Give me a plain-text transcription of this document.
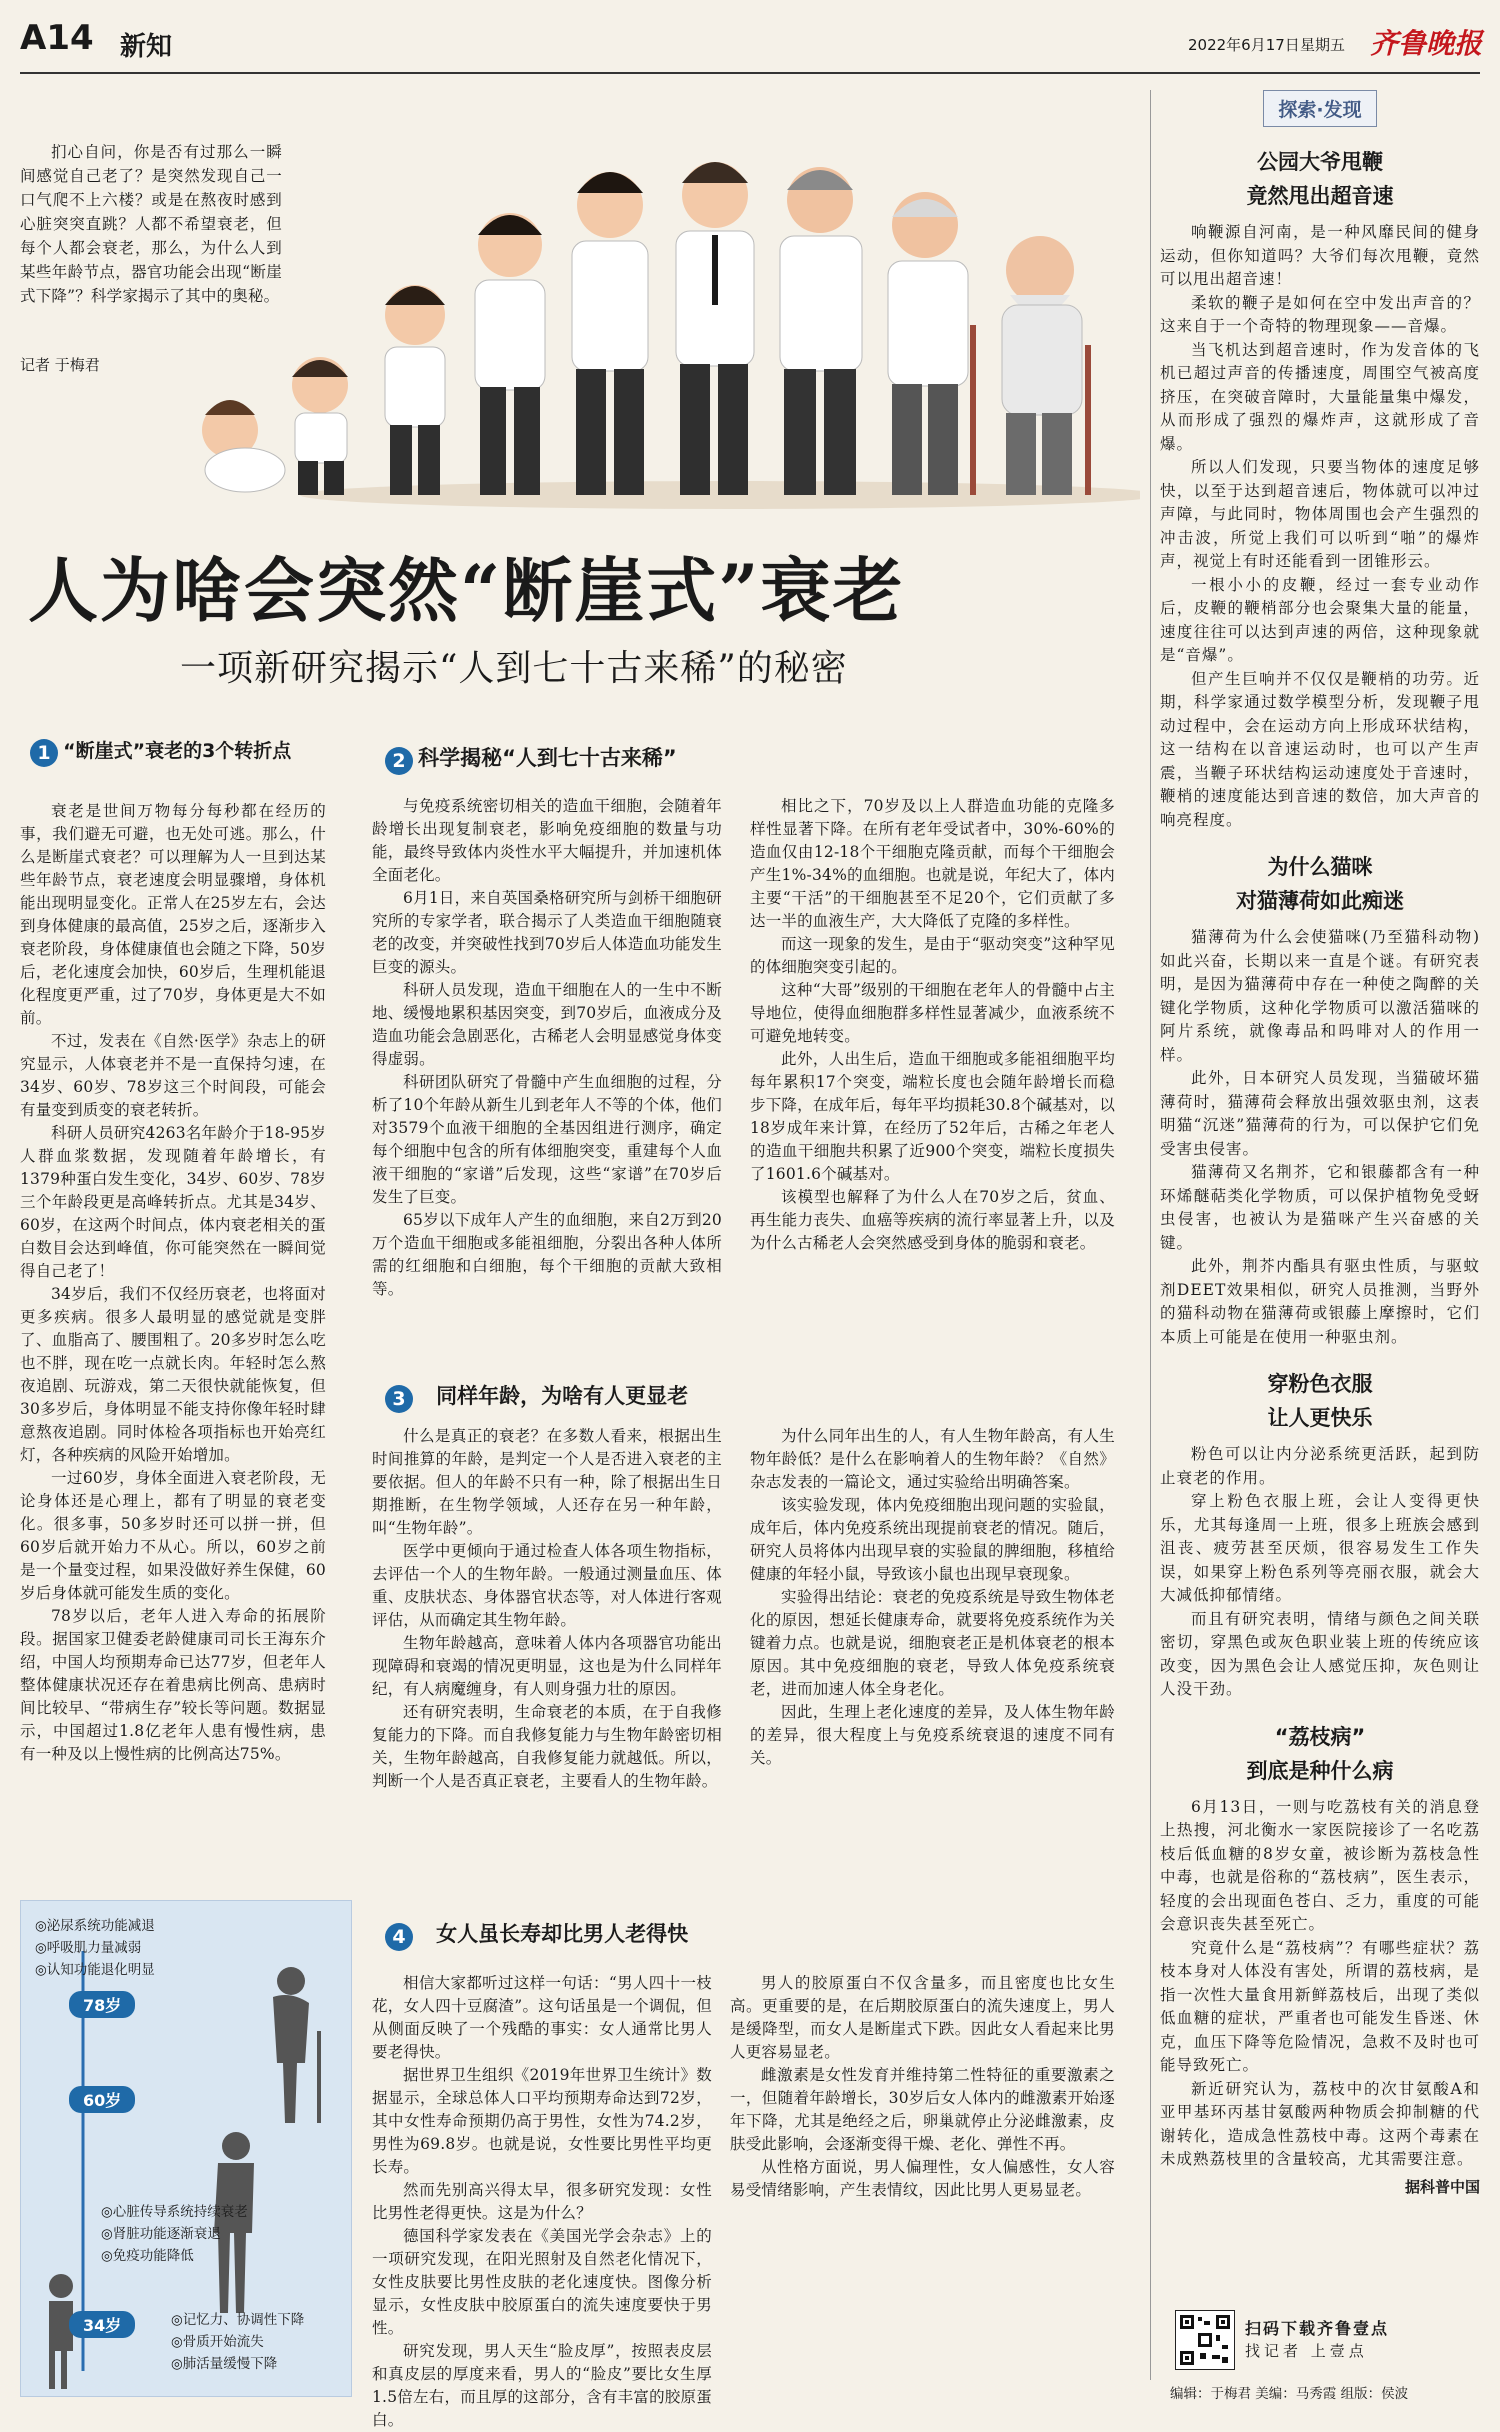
A14 新知	2022年6月17日 星期五 齐鲁晚报

扪心自问，你是否有过那么一瞬间感觉自己老了？是突然发现自己一口气爬不上六楼？或是在熬夜时感到心脏突突直跳？人都不希望衰老，但每个人都会衰老，那么，为什么人到某些年龄节点，器官功能会出现“断崖式下降”？科学家揭示了其中的奥秘。

记者 于梅君
人为啥会突然“断崖式”衰老
一项新研究揭示“人到七十古来稀”的秘密
1 “断崖式”衰老的3个转折点

衰老是世间万物每分每秒都在经历的事，我们避无可避，也无处可逃。那么，什么是断崖式衰老？可以理解为人一旦到达某些年龄节点，衰老速度会明显骤增，身体机能出现明显变化。正常人在25岁左右，会达到身体健康的最高值，25岁之后，逐渐步入衰老阶段，身体健康值也会随之下降，50岁后，老化速度会加快，60岁后，生理机能退化程度更严重，过了70岁，身体更是大不如前。

不过，发表在《自然·医学》杂志上的研究显示，人体衰老并不是一直保持匀速，在34岁、60岁、78岁这三个时间段，可能会有量变到质变的衰老转折。

科研人员研究4263名年龄介于18-95岁人群血浆数据，发现随着年龄增长，有1379种蛋白发生变化，34岁、60岁、78岁三个年龄段更是高峰转折点。尤其是34岁、60岁，在这两个时间点，体内衰老相关的蛋白数目会达到峰值，你可能突然在一瞬间觉得自己老了！

34岁后，我们不仅经历衰老，也将面对更多疾病。很多人最明显的感觉就是变胖了、血脂高了、腰围粗了。20多岁时怎么吃也不胖，现在吃一点就长肉。年轻时怎么熬夜追剧、玩游戏，第二天很快就能恢复，但30多岁后，身体明显不能支持你像年轻时肆意熬夜追剧。同时体检各项指标也开始亮红灯，各种疾病的风险开始增加。

一过60岁，身体全面进入衰老阶段，无论身体还是心理上，都有了明显的衰老变化。很多事，50多岁时还可以拼一拼，但60岁后就开始力不从心。所以，60岁之前是一个量变过程，如果没做好养生保健，60岁后身体就可能发生质的变化。

78岁以后，老年人进入寿命的拓展阶段。据国家卫健委老龄健康司司长王海东介绍，中国人均预期寿命已达77岁，但老年人整体健康状况还存在着患病比例高、患病时间比较早、“带病生存”较长等问题。数据显示，中国超过1.8亿老年人患有慢性病，患有一种及以上慢性病的比例高达75%。

2 科学揭秘“人到七十古来稀”

与免疫系统密切相关的造血干细胞，会随着年龄增长出现复制衰老，影响免疫细胞的数量与功能，最终导致体内炎性水平大幅提升，并加速机体全面老化。

6月1日，来自英国桑格研究所与剑桥干细胞研究所的专家学者，联合揭示了人类造血干细胞随衰老的改变，并突破性找到70岁后人体造血功能发生巨变的源头。

科研人员发现，造血干细胞在人的一生中不断地、缓慢地累积基因突变，到70岁后，血液成分及造血功能会急剧恶化，古稀老人会明显感觉身体变得虚弱。

科研团队研究了骨髓中产生血细胞的过程，分析了10个年龄从新生儿到老年人不等的个体，他们对3579个血液干细胞的全基因组进行测序，确定每个细胞中包含的所有体细胞突变，重建每个人血液干细胞的“家谱”后发现，这些“家谱”在70岁后发生了巨变。

65岁以下成年人产生的血细胞，来自2万到20万个造血干细胞或多能祖细胞，分裂出各种人体所需的红细胞和白细胞，每个干细胞的贡献大致相等。

相比之下，70岁及以上人群造血功能的克隆多样性显著下降。在所有老年受试者中，30%-60%的造血仅由12-18个干细胞克隆贡献，而每个干细胞会产生1%-34%的血细胞。也就是说，年纪大了，体内主要“干活”的干细胞甚至不足20个，它们贡献了多达一半的血液生产，大大降低了克隆的多样性。

而这一现象的发生，是由于“驱动突变”这种罕见的体细胞突变引起的。

这种“大哥”级别的干细胞在老年人的骨髓中占主导地位，使得血细胞群多样性显著减少，血液系统不可避免地转变。

此外，人出生后，造血干细胞或多能祖细胞平均每年累积17个突变，端粒长度也会随年龄增长而稳步下降，在成年后，每年平均损耗30.8个碱基对，以18岁成年来计算，在经历了52年后，古稀之年老人的造血干细胞共积累了近900个突变，端粒长度损失了1601.6个碱基对。

该模型也解释了为什么人在70岁之后，贫血、再生能力丧失、血癌等疾病的流行率显著上升，以及为什么古稀老人会突然感受到身体的脆弱和衰老。

3 同样年龄，为啥有人更显老

什么是真正的衰老？在多数人看来，根据出生时间推算的年龄，是判定一个人是否进入衰老的主要依据。但人的年龄不只有一种，除了根据出生日期推断，在生物学领域，人还存在另一种年龄，叫“生物年龄”。

医学中更倾向于通过检查人体各项生物指标，去评估一个人的生物年龄。一般通过测量血压、体重、皮肤状态、身体器官状态等，对人体进行客观评估，从而确定其生物年龄。

生物年龄越高，意味着人体内各项器官功能出现障碍和衰竭的情况更明显，这也是为什么同样年纪，有人病魔缠身，有人则身强力壮的原因。

还有研究表明，生命衰老的本质，在于自我修复能力的下降。而自我修复能力与生物年龄密切相关，生物年龄越高，自我修复能力就越低。所以，判断一个人是否真正衰老，主要看人的生物年龄。

为什么同年出生的人，有人生物年龄高，有人生物年龄低？是什么在影响着人的生物年龄？《自然》杂志发表的一篇论文，通过实验给出明确答案。

该实验发现，体内免疫细胞出现问题的实验鼠，成年后，体内免疫系统出现提前衰老的情况。随后，研究人员将体内出现早衰的实验鼠的脾细胞，移植给健康的年轻小鼠，导致该小鼠也出现早衰现象。

实验得出结论：衰老的免疫系统是导致生物体老化的原因，想延长健康寿命，就要将免疫系统作为关键着力点。也就是说，细胞衰老正是机体衰老的根本原因。其中免疫细胞的衰老，导致人体免疫系统衰老，进而加速人体全身老化。

因此，生理上老化速度的差异，及人体生物年龄的差异，很大程度上与免疫系统衰退的速度不同有关。

4 女人虽长寿却比男人老得快

相信大家都听过这样一句话：“男人四十一枝花，女人四十豆腐渣”。这句话虽是一个调侃，但从侧面反映了一个残酷的事实：女人通常比男人要老得快。

据世界卫生组织《2019年世界卫生统计》数据显示，全球总体人口平均预期寿命达到72岁，其中女性寿命预期仍高于男性，女性为74.2岁，男性为69.8岁。也就是说，女性要比男性平均更长寿。

然而先别高兴得太早，很多研究发现：女性比男性老得更快。这是为什么？

德国科学家发表在《美国光学会杂志》上的一项研究发现，在阳光照射及自然老化情况下，女性皮肤要比男性皮肤的老化速度快。图像分析显示，女性皮肤中胶原蛋白的流失速度要快于男性。

研究发现，男人天生“脸皮厚”，按照表皮层和真皮层的厚度来看，男人的“脸皮”要比女生厚1.5倍左右，而且厚的这部分，含有丰富的胶原蛋白。

男人的胶原蛋白不仅含量多，而且密度也比女生高。更重要的是，在后期胶原蛋白的流失速度上，男人是缓降型，而女人是断崖式下跌。因此女人看起来比男人更容易显老。

雌激素是女性发育并维持第二性特征的重要激素之一，但随着年龄增长，30岁后女人体内的雌激素开始逐年下降，尤其是绝经之后，卵巢就停止分泌雌激素，皮肤受此影响，会逐渐变得干燥、老化、弹性不再。

从性格方面说，男人偏理性，女人偏感性，女人容易受情绪影响，产生表情纹，因此比男人更易显老。

◎泌尿系统功能减退
◎呼吸肌力量减弱
◎认知功能退化明显
78岁
60岁
◎心脏传导系统持续衰老
◎肾脏功能逐渐衰退
◎免疫功能降低
34岁	◎记忆力、协调性下降
◎骨质开始流失
◎肺活量缓慢下降
探索·发现
公园大爷甩鞭
竟然甩出超音速

响鞭源自河南，是一种风靡民间的健身运动，但你知道吗？大爷们每次甩鞭，竟然可以甩出超音速！

柔软的鞭子是如何在空中发出声音的？这来自于一个奇特的物理现象——音爆。

当飞机达到超音速时，作为发音体的飞机已超过声音的传播速度，周围空气被高度挤压，在突破音障时，大量能量集中爆发，从而形成了强烈的爆炸声，这就形成了音爆。

所以人们发现，只要当物体的速度足够快，以至于达到超音速后，物体就可以冲过声障，与此同时，物体周围也会产生强烈的冲击波，所觉上我们可以听到“啪”的爆炸声，视觉上有时还能看到一团锥形云。

一根小小的皮鞭，经过一套专业动作后，皮鞭的鞭梢部分也会聚集大量的能量，速度往往可以达到声速的两倍，这种现象就是“音爆”。

但产生巨响并不仅仅是鞭梢的功劳。近期，科学家通过数学模型分析，发现鞭子甩动过程中，会在运动方向上形成环状结构，这一结构在以音速运动时，也可以产生声震，当鞭子环状结构运动速度处于音速时，鞭梢的速度能达到音速的数倍，加大声音的响亮程度。

为什么猫咪
对猫薄荷如此痴迷

猫薄荷为什么会使猫咪(乃至猫科动物)如此兴奋，长期以来一直是个谜。有研究表明，是因为猫薄荷中存在一种使之陶醉的关键化学物质，这种化学物质可以激活猫咪的阿片系统，就像毒品和吗啡对人的作用一样。

此外，日本研究人员发现，当猫破坏猫薄荷时，猫薄荷会释放出强效驱虫剂，这表明猫“沉迷”猫薄荷的行为，可以保护它们免受害虫侵害。

猫薄荷又名荆芥，它和银藤都含有一种环烯醚萜类化学物质，可以保护植物免受蚜虫侵害，也被认为是猫咪产生兴奋感的关键。

此外，荆芥内酯具有驱虫性质，与驱蚊剂DEET效果相似，研究人员推测，当野外的猫科动物在猫薄荷或银藤上摩擦时，它们本质上可能是在使用一种驱虫剂。

穿粉色衣服
让人更快乐

粉色可以让内分泌系统更活跃，起到防止衰老的作用。

穿上粉色衣服上班，会让人变得更快乐，尤其每逢周一上班，很多上班族会感到沮丧、疲劳甚至厌烦，很容易发生工作失误，如果穿上粉色系列等亮丽衣服，就会大大减低抑郁情绪。

而且有研究表明，情绪与颜色之间关联密切，穿黑色或灰色职业装上班的传统应该改变，因为黑色会让人感觉压抑，灰色则让人没干劲。

“荔枝病”
到底是种什么病

6月13日，一则与吃荔枝有关的消息登上热搜，河北衡水一家医院接诊了一名吃荔枝后低血糖的8岁女童，被诊断为荔枝急性中毒，也就是俗称的“荔枝病”，医生表示，轻度的会出现面色苍白、乏力，重度的可能会意识丧失甚至死亡。

究竟什么是“荔枝病”？有哪些症状？荔枝本身对人体没有害处，所谓的荔枝病，是指一次性大量食用新鲜荔枝后，出现了类似低血糖的症状，严重者也可能发生昏迷、休克，血压下降等危险情况，急救不及时也可能导致死亡。

新近研究认为，荔枝中的次甘氨酸A和亚甲基环丙基甘氨酸两种物质会抑制糖的代谢转化，造成急性荔枝中毒。这两个毒素在未成熟荔枝里的含量较高，尤其需要注意。

据科普中国
扫码下载齐鲁壹点
找记者 上壹点
编辑：于梅君 美编：马秀霞 组版：侯波
